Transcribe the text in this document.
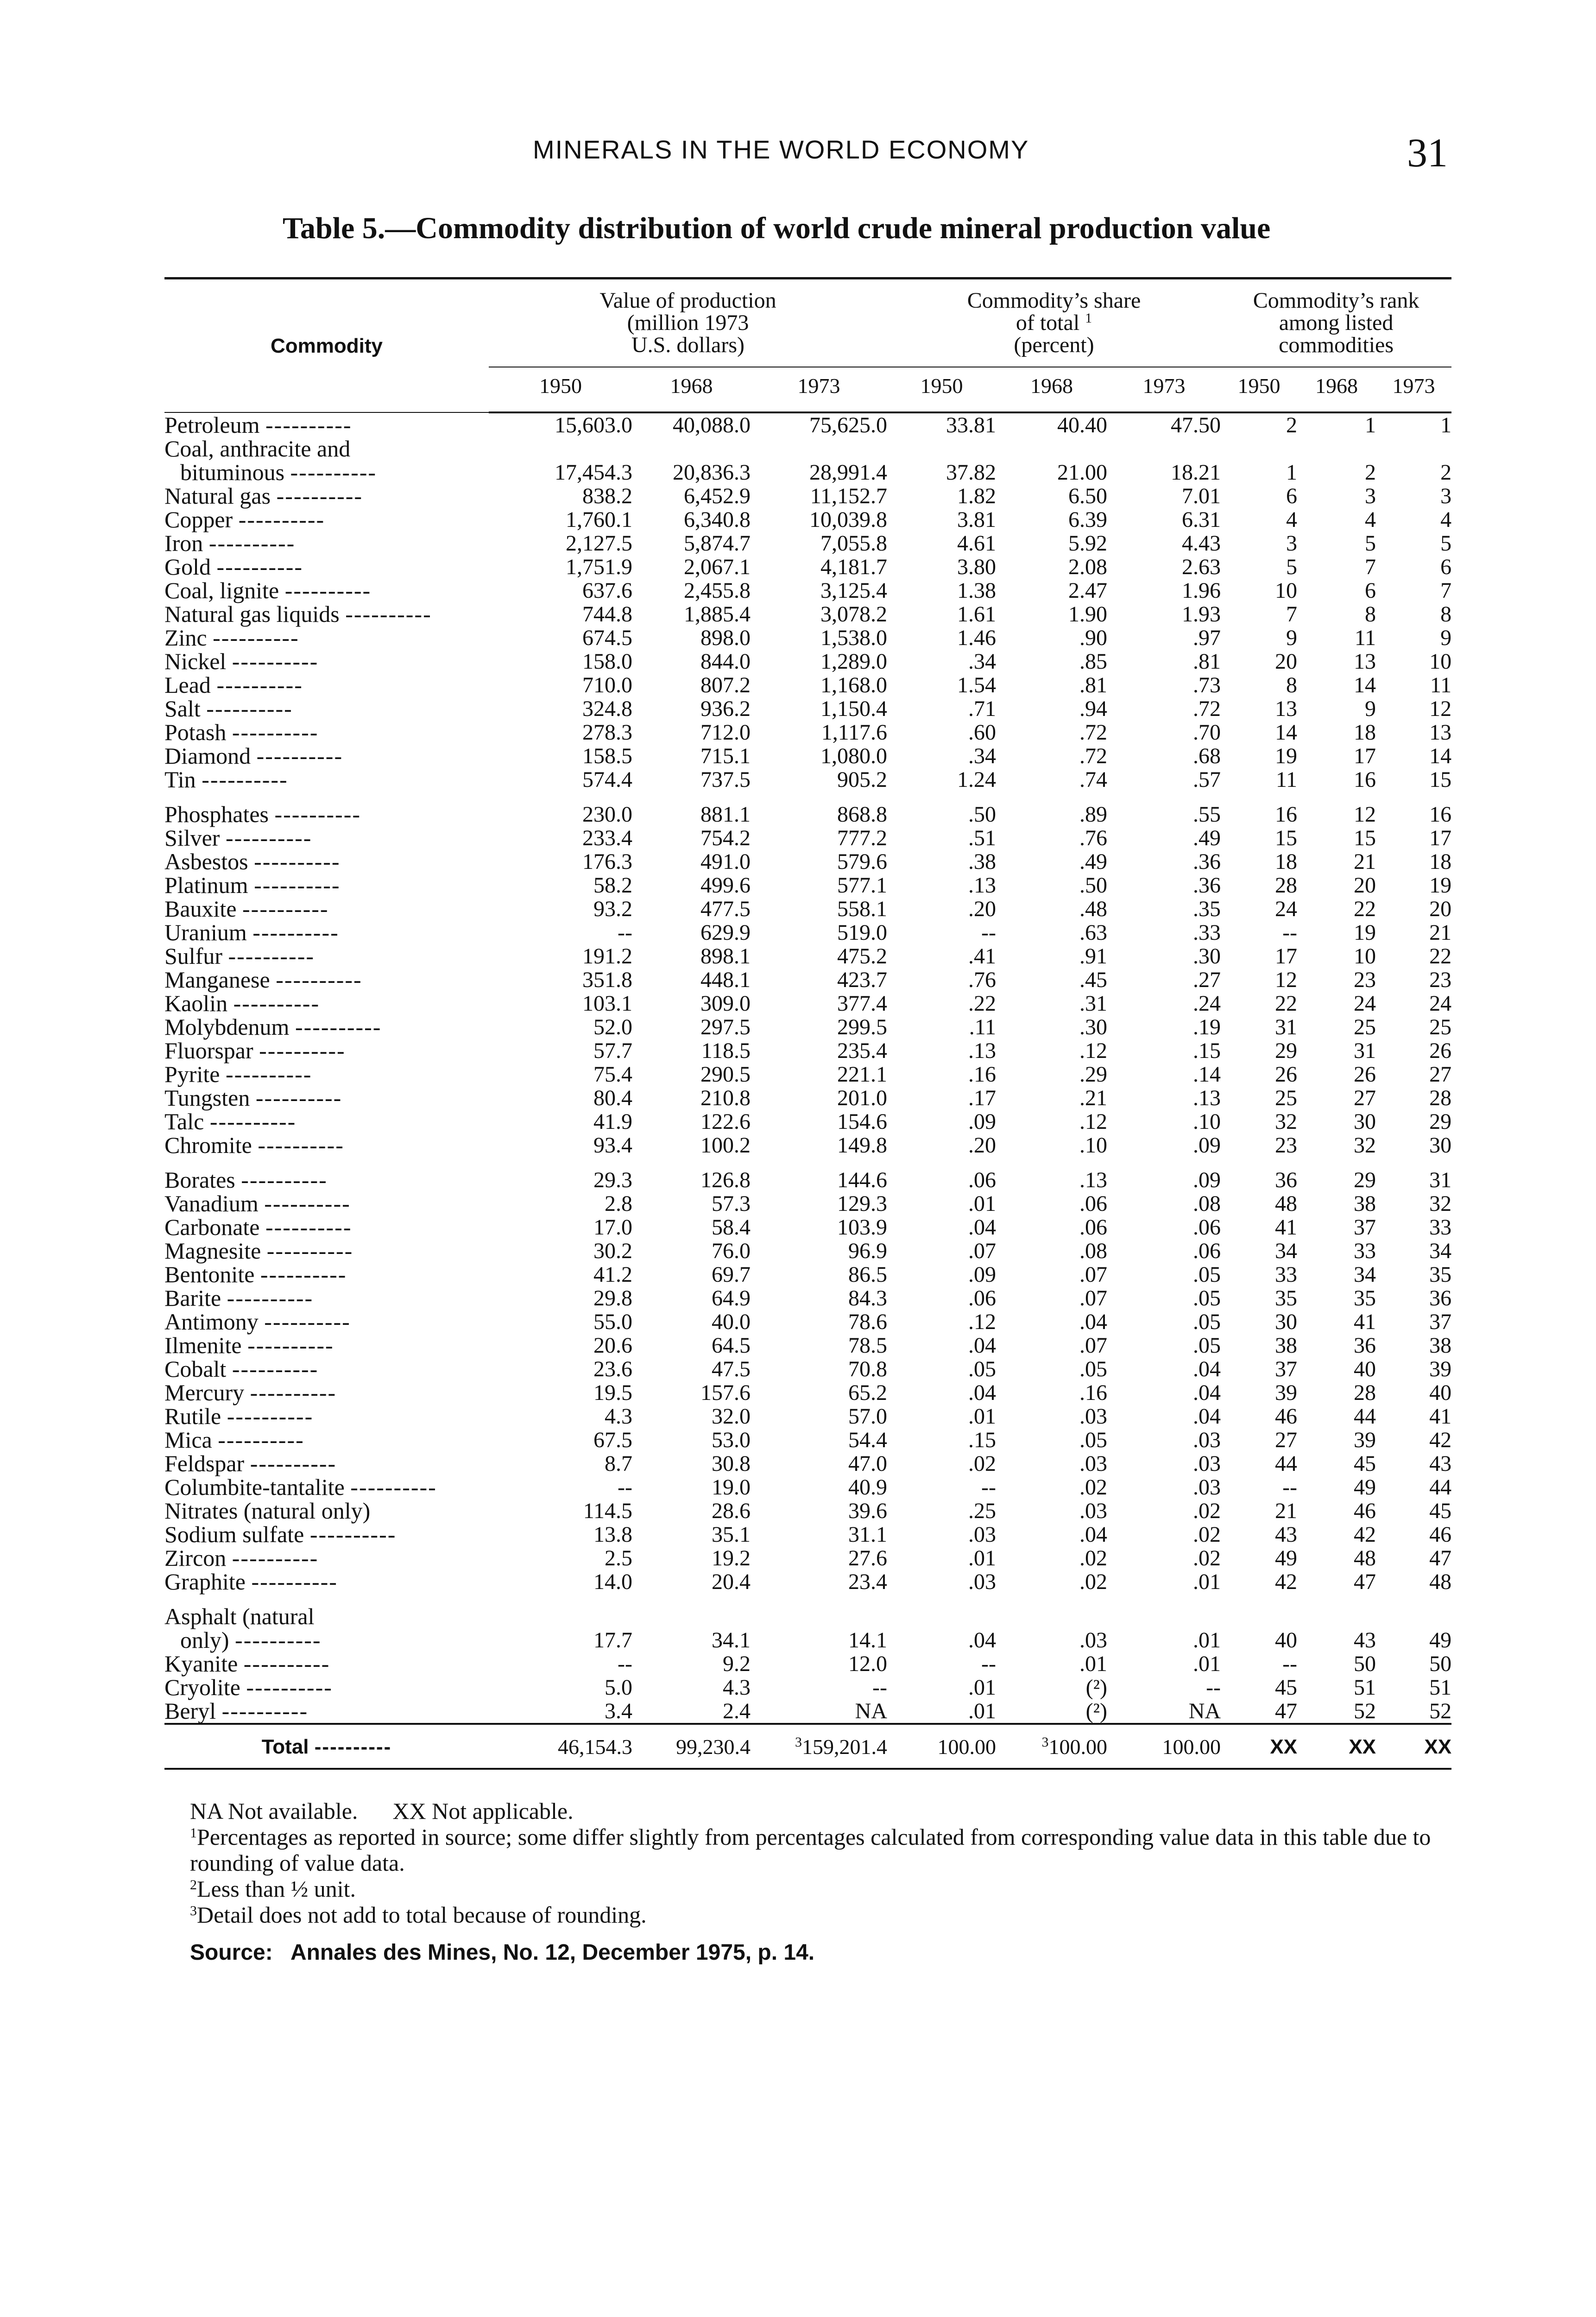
MINERALS IN THE WORLD ECONOMY	31
Table 5.—Commodity distribution of world crude mineral production value
Commodity	Value of production
(million 1973
U.S. dollars)			Commodity’s share
of total $^1$
(percent)			Commodity’s rank
among listed
commodities		

	1950	1968	1973	1950	1968	1973	1950	1968	1973
Petroleum ----------	15,603.0	40,088.0	75,625.0	33.81	40.40	47.50	2	1	1
Coal, anthracite and									
bituminous ----------	17,454.3	20,836.3	28,991.4	37.82	21.00	18.21	1	2	2
Natural gas ----------	838.2	6,452.9	11,152.7	1.82	6.50	7.01	6	3	3
Copper ----------	1,760.1	6,340.8	10,039.8	3.81	6.39	6.31	4	4	4
Iron ----------	2,127.5	5,874.7	7,055.8	4.61	5.92	4.43	3	5	5
Gold ----------	1,751.9	2,067.1	4,181.7	3.80	2.08	2.63	5	7	6
Coal, lignite ----------	637.6	2,455.8	3,125.4	1.38	2.47	1.96	10	6	7
Natural gas liquids ----------	744.8	1,885.4	3,078.2	1.61	1.90	1.93	7	8	8
Zinc ----------	674.5	898.0	1,538.0	1.46	.90	.97	9	11	9
Nickel ----------	158.0	844.0	1,289.0	.34	.85	.81	20	13	10
Lead ----------	710.0	807.2	1,168.0	1.54	.81	.73	8	14	11
Salt ----------	324.8	936.2	1,150.4	.71	.94	.72	13	9	12
Potash ----------	278.3	712.0	1,117.6	.60	.72	.70	14	18	13
Diamond ----------	158.5	715.1	1,080.0	.34	.72	.68	19	17	14
Tin ----------	574.4	737.5	905.2	1.24	.74	.57	11	16	15
Phosphates ----------	230.0	881.1	868.8	.50	.89	.55	16	12	16
Silver ----------	233.4	754.2	777.2	.51	.76	.49	15	15	17
Asbestos ----------	176.3	491.0	579.6	.38	.49	.36	18	21	18
Platinum ----------	58.2	499.6	577.1	.13	.50	.36	28	20	19
Bauxite ----------	93.2	477.5	558.1	.20	.48	.35	24	22	20
Uranium ----------	--	629.9	519.0	--	.63	.33	--	19	21
Sulfur ----------	191.2	898.1	475.2	.41	.91	.30	17	10	22
Manganese ----------	351.8	448.1	423.7	.76	.45	.27	12	23	23
Kaolin ----------	103.1	309.0	377.4	.22	.31	.24	22	24	24
Molybdenum ----------	52.0	297.5	299.5	.11	.30	.19	31	25	25
Fluorspar ----------	57.7	118.5	235.4	.13	.12	.15	29	31	26
Pyrite ----------	75.4	290.5	221.1	.16	.29	.14	26	26	27
Tungsten ----------	80.4	210.8	201.0	.17	.21	.13	25	27	28
Talc ----------	41.9	122.6	154.6	.09	.12	.10	32	30	29
Chromite ----------	93.4	100.2	149.8	.20	.10	.09	23	32	30
Borates ----------	29.3	126.8	144.6	.06	.13	.09	36	29	31
Vanadium ----------	2.8	57.3	129.3	.01	.06	.08	48	38	32
Carbonate ----------	17.0	58.4	103.9	.04	.06	.06	41	37	33
Magnesite ----------	30.2	76.0	96.9	.07	.08	.06	34	33	34
Bentonite ----------	41.2	69.7	86.5	.09	.07	.05	33	34	35
Barite ----------	29.8	64.9	84.3	.06	.07	.05	35	35	36
Antimony ----------	55.0	40.0	78.6	.12	.04	.05	30	41	37
Ilmenite ----------	20.6	64.5	78.5	.04	.07	.05	38	36	38
Cobalt ----------	23.6	47.5	70.8	.05	.05	.04	37	40	39
Mercury ----------	19.5	157.6	65.2	.04	.16	.04	39	28	40
Rutile ----------	4.3	32.0	57.0	.01	.03	.04	46	44	41
Mica ----------	67.5	53.0	54.4	.15	.05	.03	27	39	42
Feldspar ----------	8.7	30.8	47.0	.02	.03	.03	44	45	43
Columbite-tantalite ----------	--	19.0	40.9	--	.02	.03	--	49	44
Nitrates (natural only)	114.5	28.6	39.6	.25	.03	.02	21	46	45
Sodium sulfate ----------	13.8	35.1	31.1	.03	.04	.02	43	42	46
Zircon ----------	2.5	19.2	27.6	.01	.02	.02	49	48	47
Graphite ----------	14.0	20.4	23.4	.03	.02	.01	42	47	48
Asphalt (natural									
only) ----------	17.7	34.1	14.1	.04	.03	.01	40	43	49
Kyanite ----------	--	9.2	12.0	--	.01	.01	--	50	50
Cryolite ----------	5.0	4.3	--	.01	(²)	--	45	51	51
Beryl ----------	3.4	2.4	NA	.01	(²)	NA	47	52	52
Total ----------	46,154.3	99,230.4	$^3$159,201.4	100.00	$^3$100.00	100.00	XX	XX	XX
NA Not available.      XX Not applicable.
$^1$Percentages as reported in source; some differ slightly from percentages calculated from corresponding value data in this table due to rounding of value data.
$^2$Less than ½ unit.
$^3$Detail does not add to total because of rounding.
Source:   Annales des Mines, No. 12, December 1975, p. 14.
